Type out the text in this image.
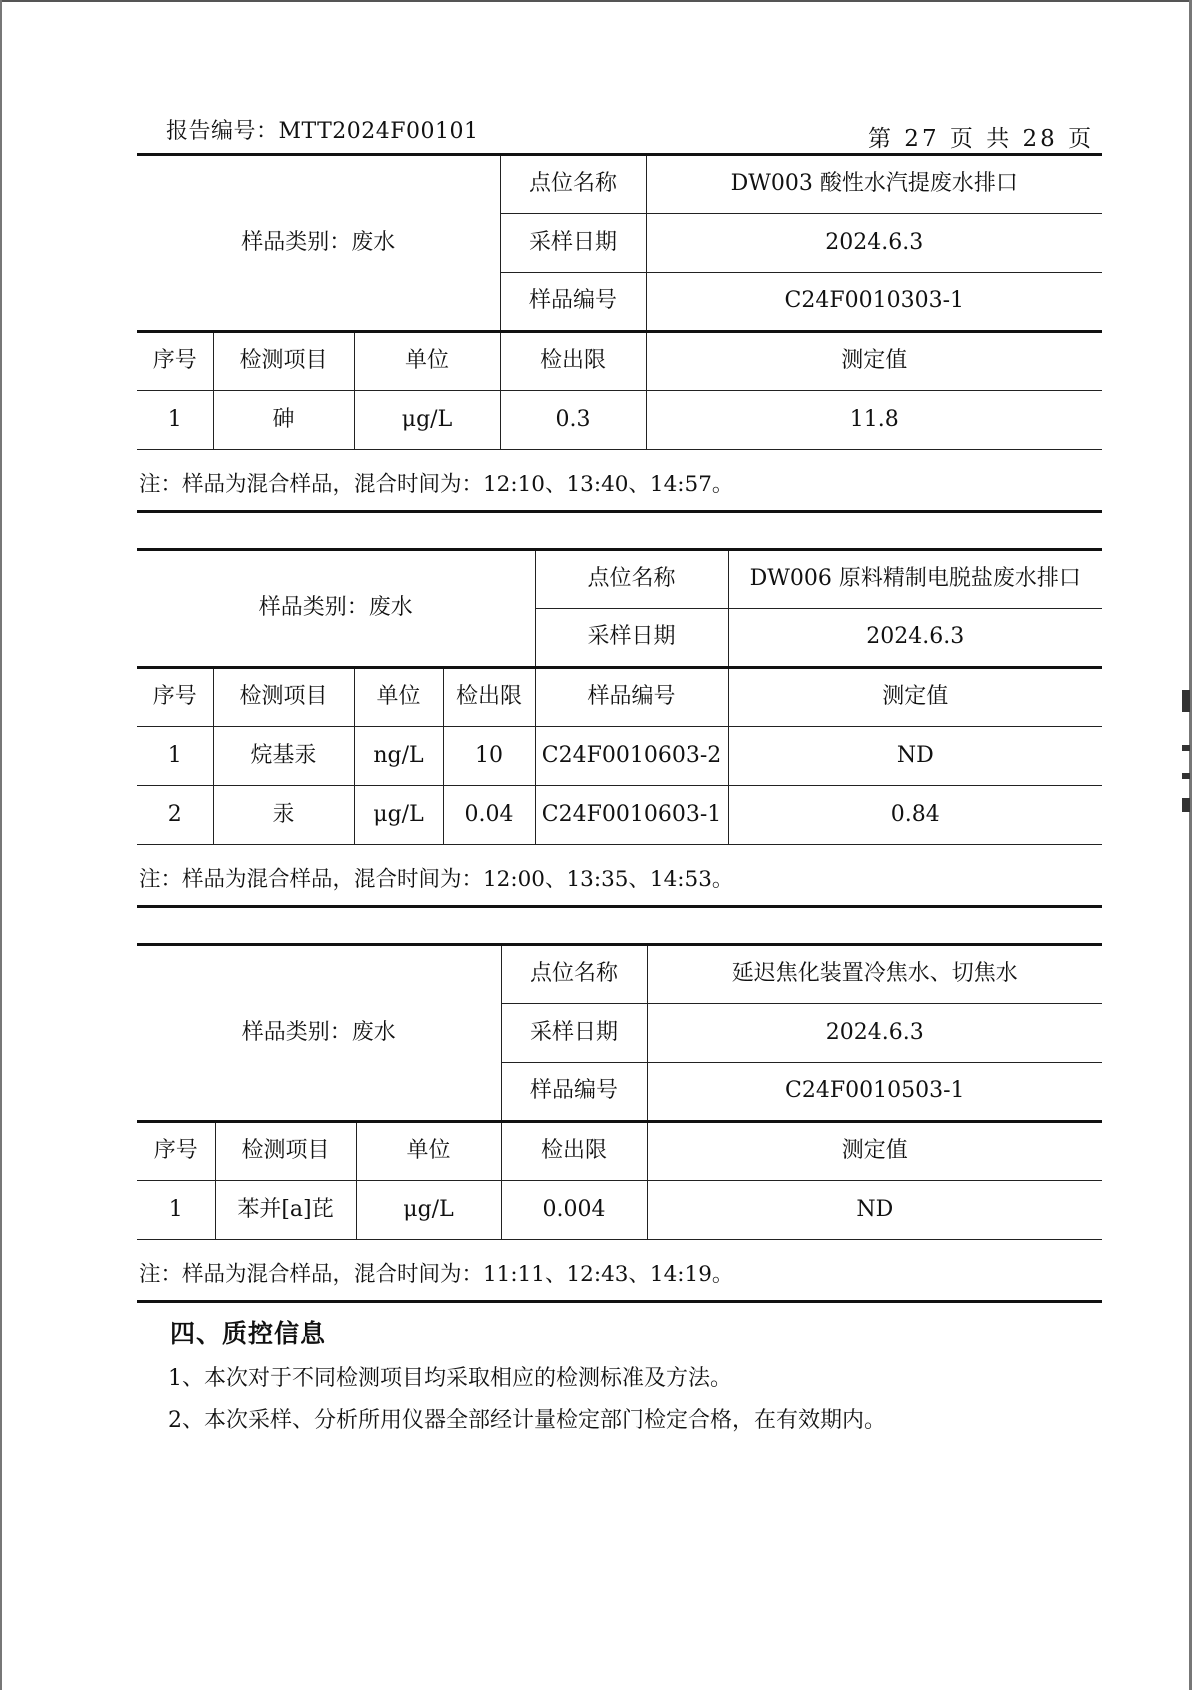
报告编号：MTT2024F00101	第 27 页 共 28 页
样品类别：废水			点位名称	DW003 酸性水汽提废水排口
			采样日期	2024.6.3
			样品编号	C24F0010303-1
序号	检测项目	单位	检出限	测定值
1	砷	μg/L	0.3	11.8
注：样品为混合样品，混合时间为：12:10、13:40、14:57。
样品类别：废水				点位名称	DW006 原料精制电脱盐废水排口
				采样日期	2024.6.3
序号	检测项目	单位	检出限	样品编号	测定值
1	烷基汞	ng/L	10	C24F0010603-2	ND
2	汞	μg/L	0.04	C24F0010603-1	0.84
注：样品为混合样品，混合时间为：12:00、13:35、14:53。
样品类别：废水			点位名称	延迟焦化装置冷焦水、切焦水
			采样日期	2024.6.3
			样品编号	C24F0010503-1
序号	检测项目	单位	检出限	测定值
1	苯并[a]芘	μg/L	0.004	ND
注：样品为混合样品，混合时间为：11:11、12:43、14:19。
四、质控信息
1、本次对于不同检测项目均采取相应的检测标准及方法。
2、本次采样、分析所用仪器全部经计量检定部门检定合格，在有效期内。
